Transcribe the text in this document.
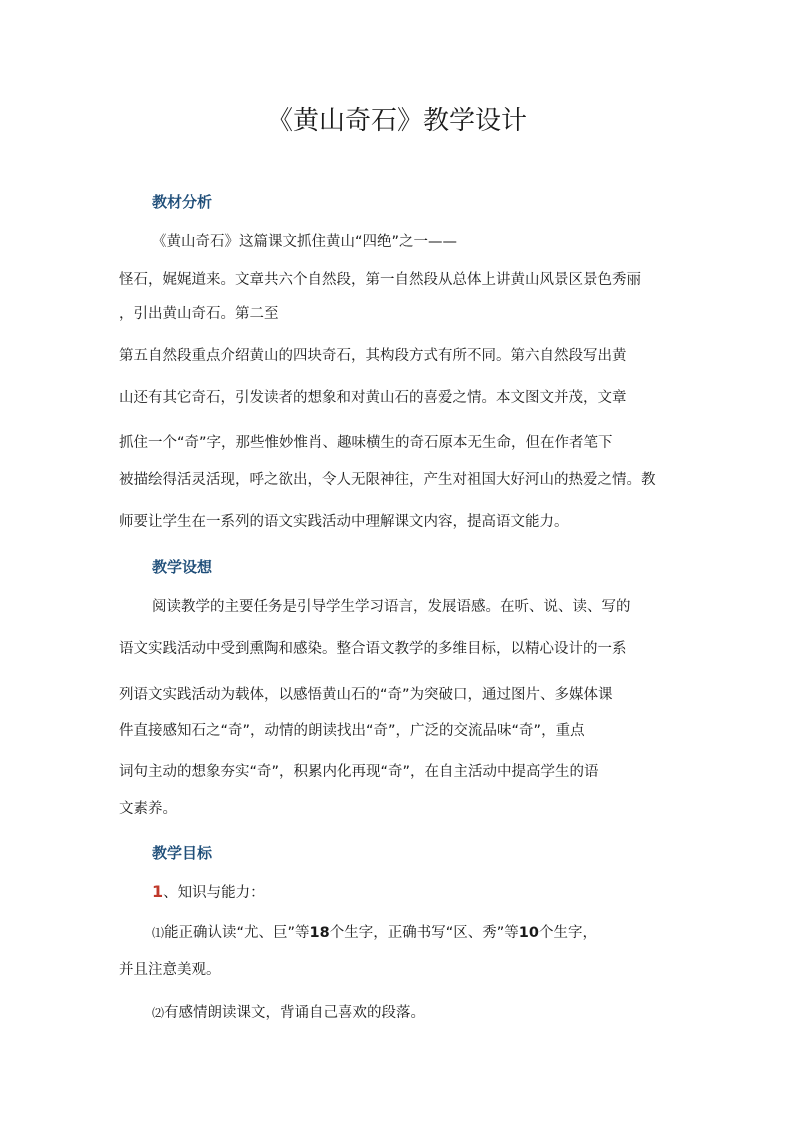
《黄山奇石》教学设计
教材分析
《黄山奇石》这篇课文抓住黄山“四绝”之一——
怪石，娓娓道来。文章共六个自然段，第一自然段从总体上讲黄山风景区景色秀丽
，引出黄山奇石。第二至
第五自然段重点介绍黄山的四块奇石，其构段方式有所不同。第六自然段写出黄
山还有其它奇石，引发读者的想象和对黄山石的喜爱之情。本文图文并茂，文章
抓住一个“奇”字，那些惟妙惟肖、趣味横生的奇石原本无生命，但在作者笔下
被描绘得活灵活现，呼之欲出，令人无限神往，产生对祖国大好河山的热爱之情。教
师要让学生在一系列的语文实践活动中理解课文内容，提高语文能力。
教学设想
阅读教学的主要任务是引导学生学习语言，发展语感。在听、说、读、写的
语文实践活动中受到熏陶和感染。整合语文教学的多维目标，以精心设计的一系
列语文实践活动为载体，以感悟黄山石的“奇”为突破口，通过图片、多媒体课
件直接感知石之“奇”，动情的朗读找出“奇”，广泛的交流品味“奇”，重点
词句主动的想象夯实“奇”，积累内化再现“奇”，在自主活动中提高学生的语
文素养。
教学目标
1、知识与能力：
⑴能正确认读“尤、巨”等18个生字，正确书写“区、秀”等10个生字，
并且注意美观。
⑵有感情朗读课文，背诵自己喜欢的段落。
